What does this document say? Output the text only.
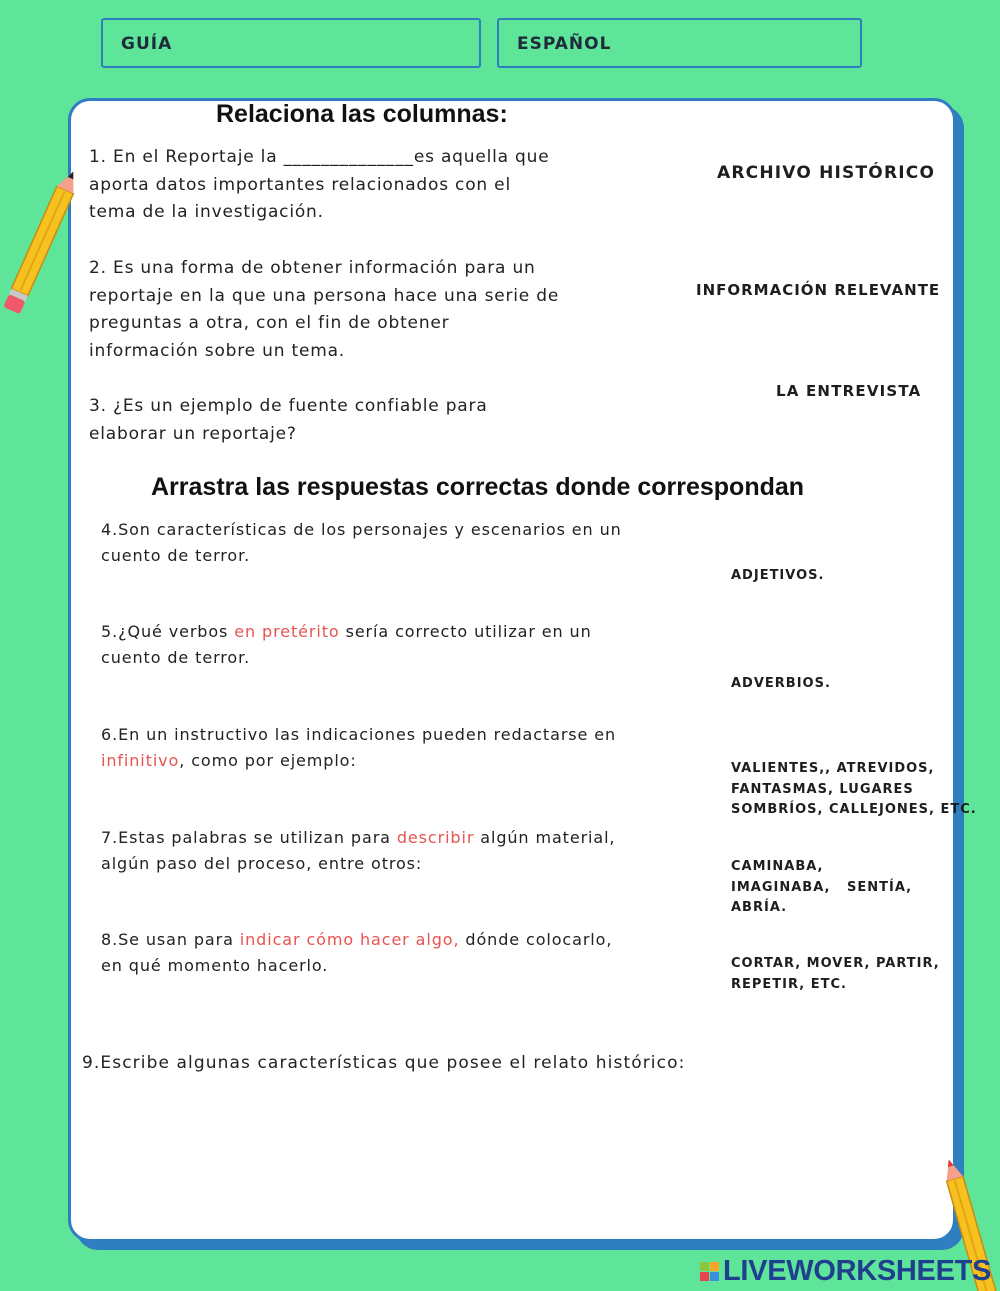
GUÍA	ESPAÑOL
Relaciona las columnas:
1. En el Reportaje la ______________es aquella que
aporta datos importantes relacionados con el
tema de la investigación.
2. Es una forma de obtener información para un
reportaje en la que una persona hace una serie de
preguntas a otra, con el fin de obtener
información sobre un tema.
3. ¿Es un ejemplo de fuente confiable para
elaborar un reportaje?
ARCHIVO HISTÓRICO
INFORMACIÓN RELEVANTE
LA ENTREVISTA
Arrastra las respuestas correctas donde correspondan
4.Son características de los personajes y escenarios en un
cuento de terror.
5.¿Qué verbos en pretérito sería correcto utilizar en un
cuento de terror.
6.En un instructivo las indicaciones pueden redactarse en
infinitivo, como por ejemplo:
7.Estas palabras se utilizan para describir algún material,
algún paso del proceso, entre otros:
8.Se usan para indicar cómo hacer algo, dónde colocarlo,
en qué momento hacerlo.
ADJETIVOS.
ADVERBIOS.
VALIENTES,, ATREVIDOS,
FANTASMAS, LUGARES
SOMBRÍOS, CALLEJONES, ETC.
CAMINABA,
IMAGINABA,   SENTÍA,
ABRÍA.
CORTAR, MOVER, PARTIR,
REPETIR, ETC.
9.Escribe algunas características que posee el relato histórico:
LIVEWORKSHEETS
